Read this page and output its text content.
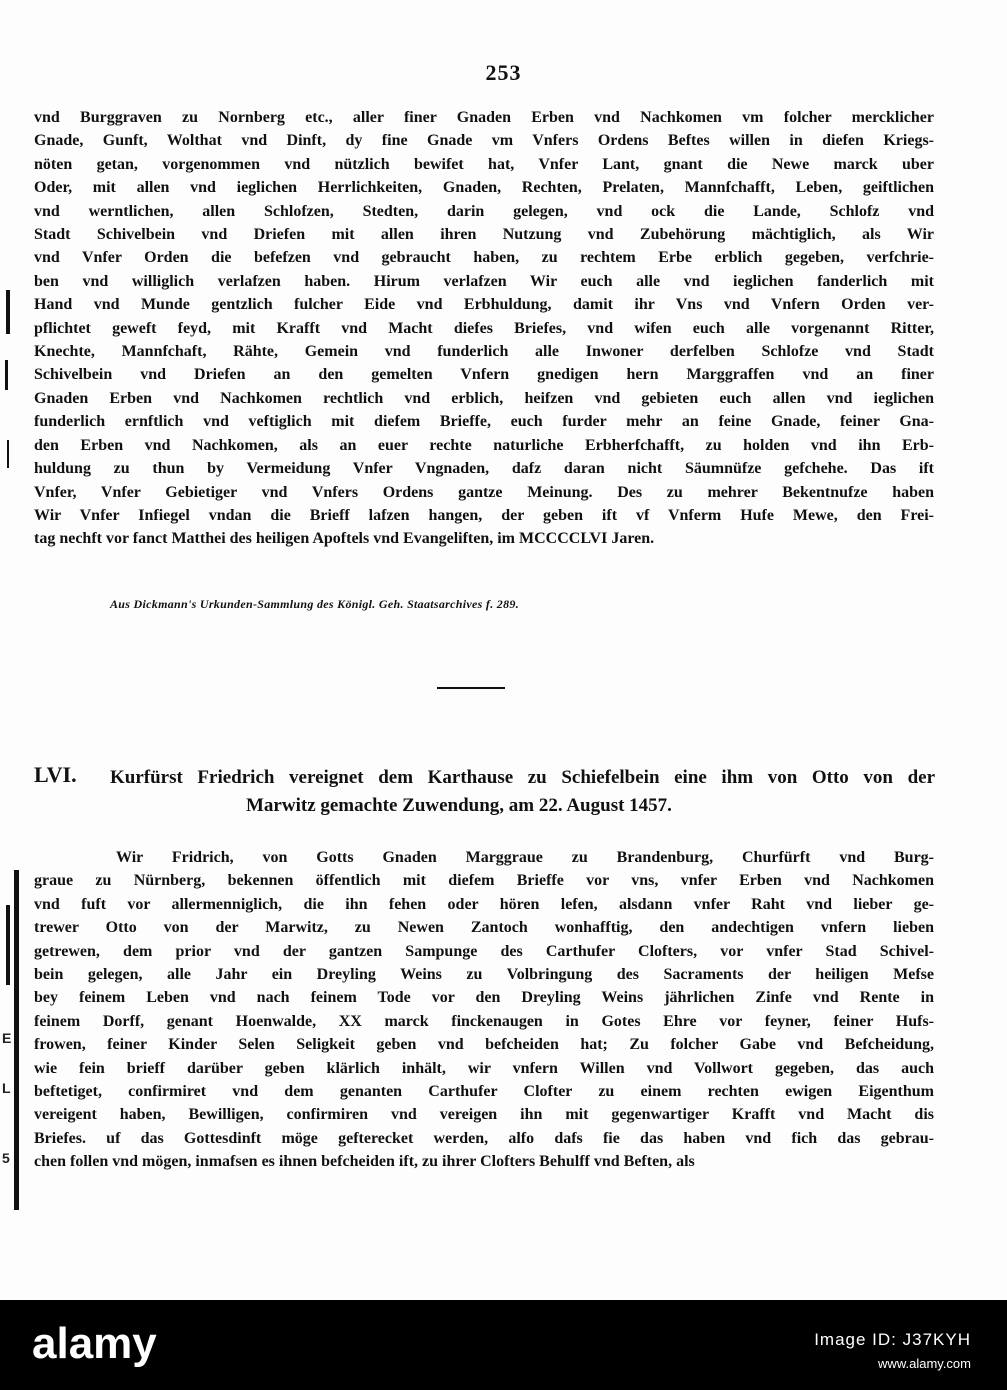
253
vnd Burggraven zu Nornberg etc., aller finer Gnaden Erben vnd Nachkomen vm folcher mercklicher
Gnade, Gunft, Wolthat vnd Dinft, dy fine Gnade vm Vnfers Ordens Beftes willen in diefen Kriegs-
nöten getan, vorgenommen vnd nützlich bewifet hat, Vnfer Lant, gnant die Newe marck uber
Oder, mit allen vnd ieglichen Herrlichkeiten, Gnaden, Rechten, Prelaten, Mannfchafft, Leben, geiftlichen
vnd werntlichen, allen Schlofzen, Stedten, darin gelegen, vnd ock die Lande, Schlofz vnd
Stadt Schivelbein vnd Driefen mit allen ihren Nutzung vnd Zubehörung mächtiglich, als Wir
vnd Vnfer Orden die befefzen vnd gebraucht haben, zu rechtem Erbe erblich gegeben, verfchrie-
ben vnd williglich verlafzen haben. Hirum verlafzen Wir euch alle vnd ieglichen fanderlich mit
Hand vnd Munde gentzlich fulcher Eide vnd Erbhuldung, damit ihr Vns vnd Vnfern Orden ver-
pflichtet geweft feyd, mit Krafft vnd Macht diefes Briefes, vnd wifen euch alle vorgenannt Ritter,
Knechte, Mannfchaft, Rähte, Gemein vnd funderlich alle Inwoner derfelben Schlofze vnd Stadt
Schivelbein vnd Driefen an den gemelten Vnfern gnedigen hern Marggraffen vnd an finer
Gnaden Erben vnd Nachkomen rechtlich vnd erblich, heifzen vnd gebieten euch allen vnd ieglichen
funderlich ernftlich vnd veftiglich mit diefem Brieffe, euch furder mehr an feine Gnade, feiner Gna-
den Erben vnd Nachkomen, als an euer rechte naturliche Erbherfchafft, zu holden vnd ihn Erb-
huldung zu thun by Vermeidung Vnfer Vngnaden, dafz daran nicht Säumnüfze gefchehe. Das ift
Vnfer, Vnfer Gebietiger vnd Vnfers Ordens gantze Meinung. Des zu mehrer Bekentnufze haben
Wir Vnfer Infiegel vndan die Brieff lafzen hangen, der geben ift vf Vnferm Hufe Mewe, den Frei-
tag nechft vor fanct Matthei des heiligen Apoftels vnd Evangeliften, im MCCCCLVI Jaren.
Aus Dickmann's Urkunden-Sammlung des Königl. Geh. Staatsarchives f. 289.
LVI. Kurfürst Friedrich vereignet dem Karthause zu Schiefelbein eine ihm von Otto von der
Marwitz gemachte Zuwendung, am 22. August 1457.
Wir Fridrich, von Gotts Gnaden Marggraue zu Brandenburg, Churfürft vnd Burg-
graue zu Nürnberg, bekennen öffentlich mit diefem Brieffe vor vns, vnfer Erben vnd Nachkomen
vnd fuft vor allermenniglich, die ihn fehen oder hören lefen, alsdann vnfer Raht vnd lieber ge-
trewer Otto von der Marwitz, zu Newen Zantoch wonhafftig, den andechtigen vnfern lieben
getrewen, dem prior vnd der gantzen Sampunge des Carthufer Clofters, vor vnfer Stad Schivel-
bein gelegen, alle Jahr ein Dreyling Weins zu Volbringung des Sacraments der heiligen Mefse
bey feinem Leben vnd nach feinem Tode vor den Dreyling Weins jährlichen Zinfe vnd Rente in
feinem Dorff, genant Hoenwalde, XX marck finckenaugen in Gotes Ehre vor feyner, feiner Hufs-
frowen, feiner Kinder Selen Seligkeit geben vnd befcheiden hat; Zu folcher Gabe vnd Befcheidung,
wie fein brieff darüber geben klärlich inhält, wir vnfern Willen vnd Vollwort gegeben, das auch
beftetiget, confirmiret vnd dem genanten Carthufer Clofter zu einem rechten ewigen Eigenthum
vereigent haben, Bewilligen, confirmiren vnd vereigen ihn mit gegenwartiger Krafft vnd Macht dis
Briefes. uf das Gottesdinft möge gefterecket werden, alfo dafs fie das haben vnd fich das gebrau-
chen follen vnd mögen, inmafsen es ihnen befcheiden ift, zu ihrer Clofters Behulff vnd Beften, als
E
L
5
alamy	Image ID: J37KYH
www.alamy.com
